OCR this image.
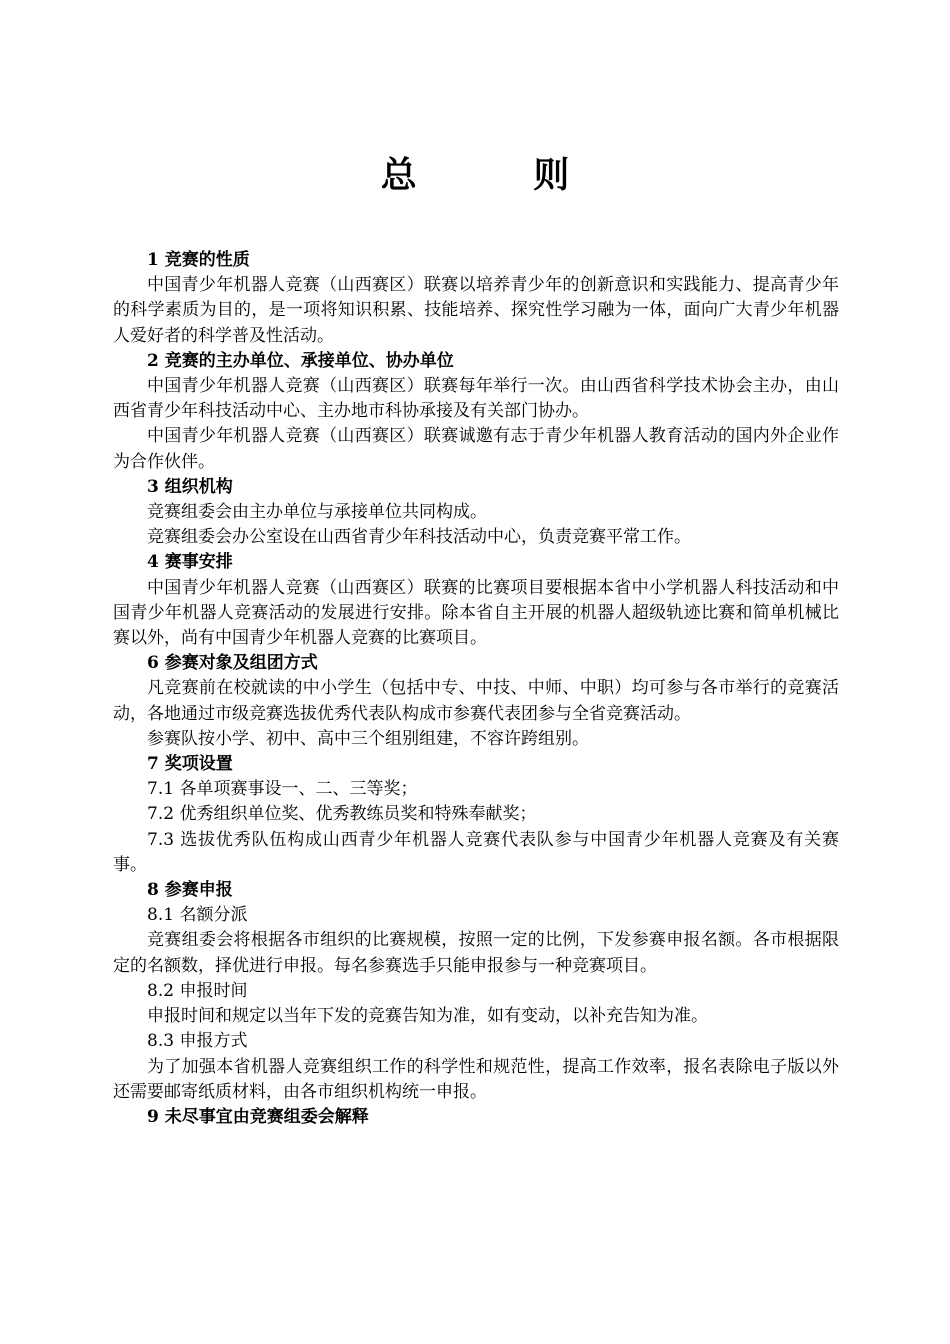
总 则

1 竞赛的性质

中国青少年机器人竞赛（山西赛区）联赛以培养青少年的创新意识和实践能力、提高青少年的科学素质为目的，是一项将知识积累、技能培养、探究性学习融为一体，面向广大青少年机器人爱好者的科学普及性活动。

2 竞赛的主办单位、承接单位、协办单位

中国青少年机器人竞赛（山西赛区）联赛每年举行一次。由山西省科学技术协会主办，由山西省青少年科技活动中心、主办地市科协承接及有关部门协办。

中国青少年机器人竞赛（山西赛区）联赛诚邀有志于青少年机器人教育活动的国内外企业作为合作伙伴。

3 组织机构

竞赛组委会由主办单位与承接单位共同构成。

竞赛组委会办公室设在山西省青少年科技活动中心，负责竞赛平常工作。

4 赛事安排

中国青少年机器人竞赛（山西赛区）联赛的比赛项目要根据本省中小学机器人科技活动和中国青少年机器人竞赛活动的发展进行安排。除本省自主开展的机器人超级轨迹比赛和简单机械比赛以外，尚有中国青少年机器人竞赛的比赛项目。

6 参赛对象及组团方式

凡竞赛前在校就读的中小学生（包括中专、中技、中师、中职）均可参与各市举行的竞赛活动，各地通过市级竞赛选拔优秀代表队构成市参赛代表团参与全省竞赛活动。

参赛队按小学、初中、高中三个组别组建，不容许跨组别。

7 奖项设置

7.1 各单项赛事设一、二、三等奖；

7.2 优秀组织单位奖、优秀教练员奖和特殊奉献奖；

7.3 选拔优秀队伍构成山西青少年机器人竞赛代表队参与中国青少年机器人竞赛及有关赛事。

8 参赛申报

8.1 名额分派

竞赛组委会将根据各市组织的比赛规模，按照一定的比例，下发参赛申报名额。各市根据限定的名额数，择优进行申报。每名参赛选手只能申报参与一种竞赛项目。

8.2 申报时间

申报时间和规定以当年下发的竞赛告知为准，如有变动，以补充告知为准。

8.3 申报方式

为了加强本省机器人竞赛组织工作的科学性和规范性，提高工作效率，报名表除电子版以外还需要邮寄纸质材料，由各市组织机构统一申报。

9 未尽事宜由竞赛组委会解释
